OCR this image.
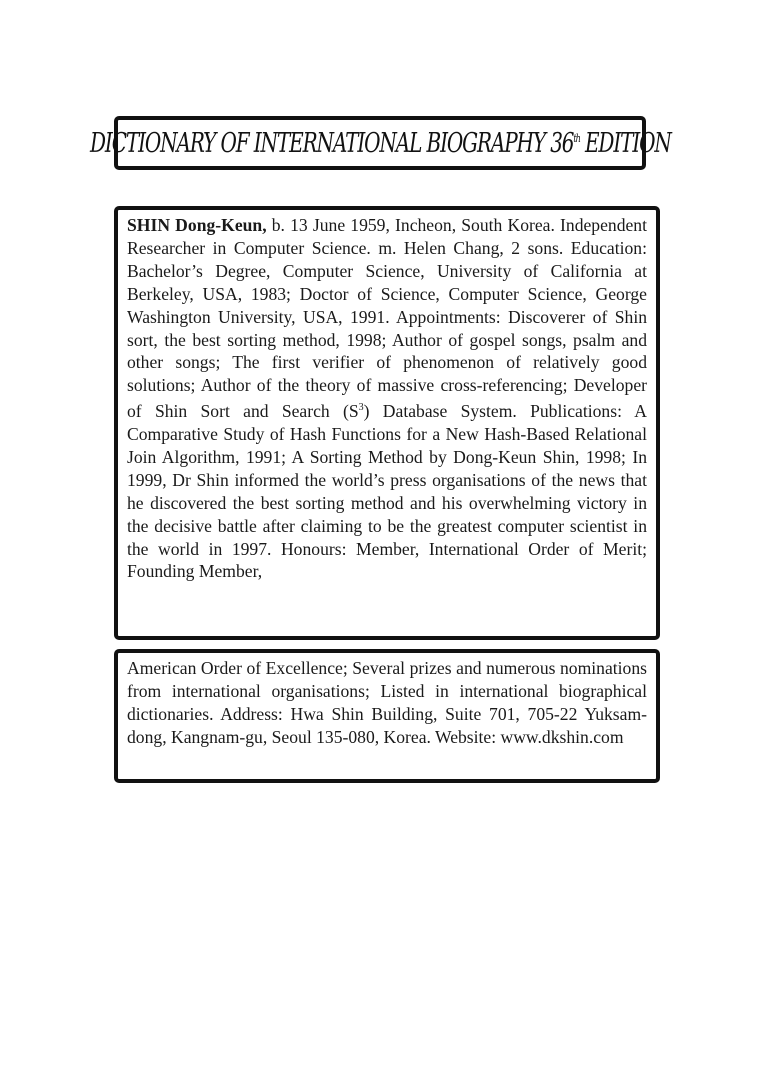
DICTIONARY OF INTERNATIONAL BIOGRAPHY 36th EDITION

SHIN Dong-Keun, b. 13 June 1959, Incheon, South Korea. Independent Researcher in Computer Science. m. Helen Chang, 2 sons. Education: Bachelor’s Degree, Computer Science, University of California at Berkeley, USA, 1983; Doctor of Science, Computer Science, George Washington University, USA, 1991. Appointments: Discoverer of Shin sort, the best sorting method, 1998; Author of gospel songs, psalm and other songs; The first verifier of phenomenon of relatively good solutions; Author of the theory of massive cross-referencing; Developer of Shin Sort and Search $(S^3)$ Database System. Publications: A Comparative Study of Hash Functions for a New Hash-Based Relational Join Algorithm, 1991; A Sorting Method by Dong-Keun Shin, 1998; In 1999, Dr Shin informed the world’s press organisations of the news that he discovered the best sorting method and his overwhelming victory in the decisive battle after claiming to be the greatest computer scientist in the world in 1997. Honours: Member, International Order of Merit; Founding Member,

American Order of Excellence; Several prizes and numerous nominations from international organisations; Listed in international biographical dictionaries. Address: Hwa Shin Building, Suite 701, 705-22 Yuksam-dong, Kangnam-gu, Seoul 135-080, Korea. Website: www.dkshin.com
